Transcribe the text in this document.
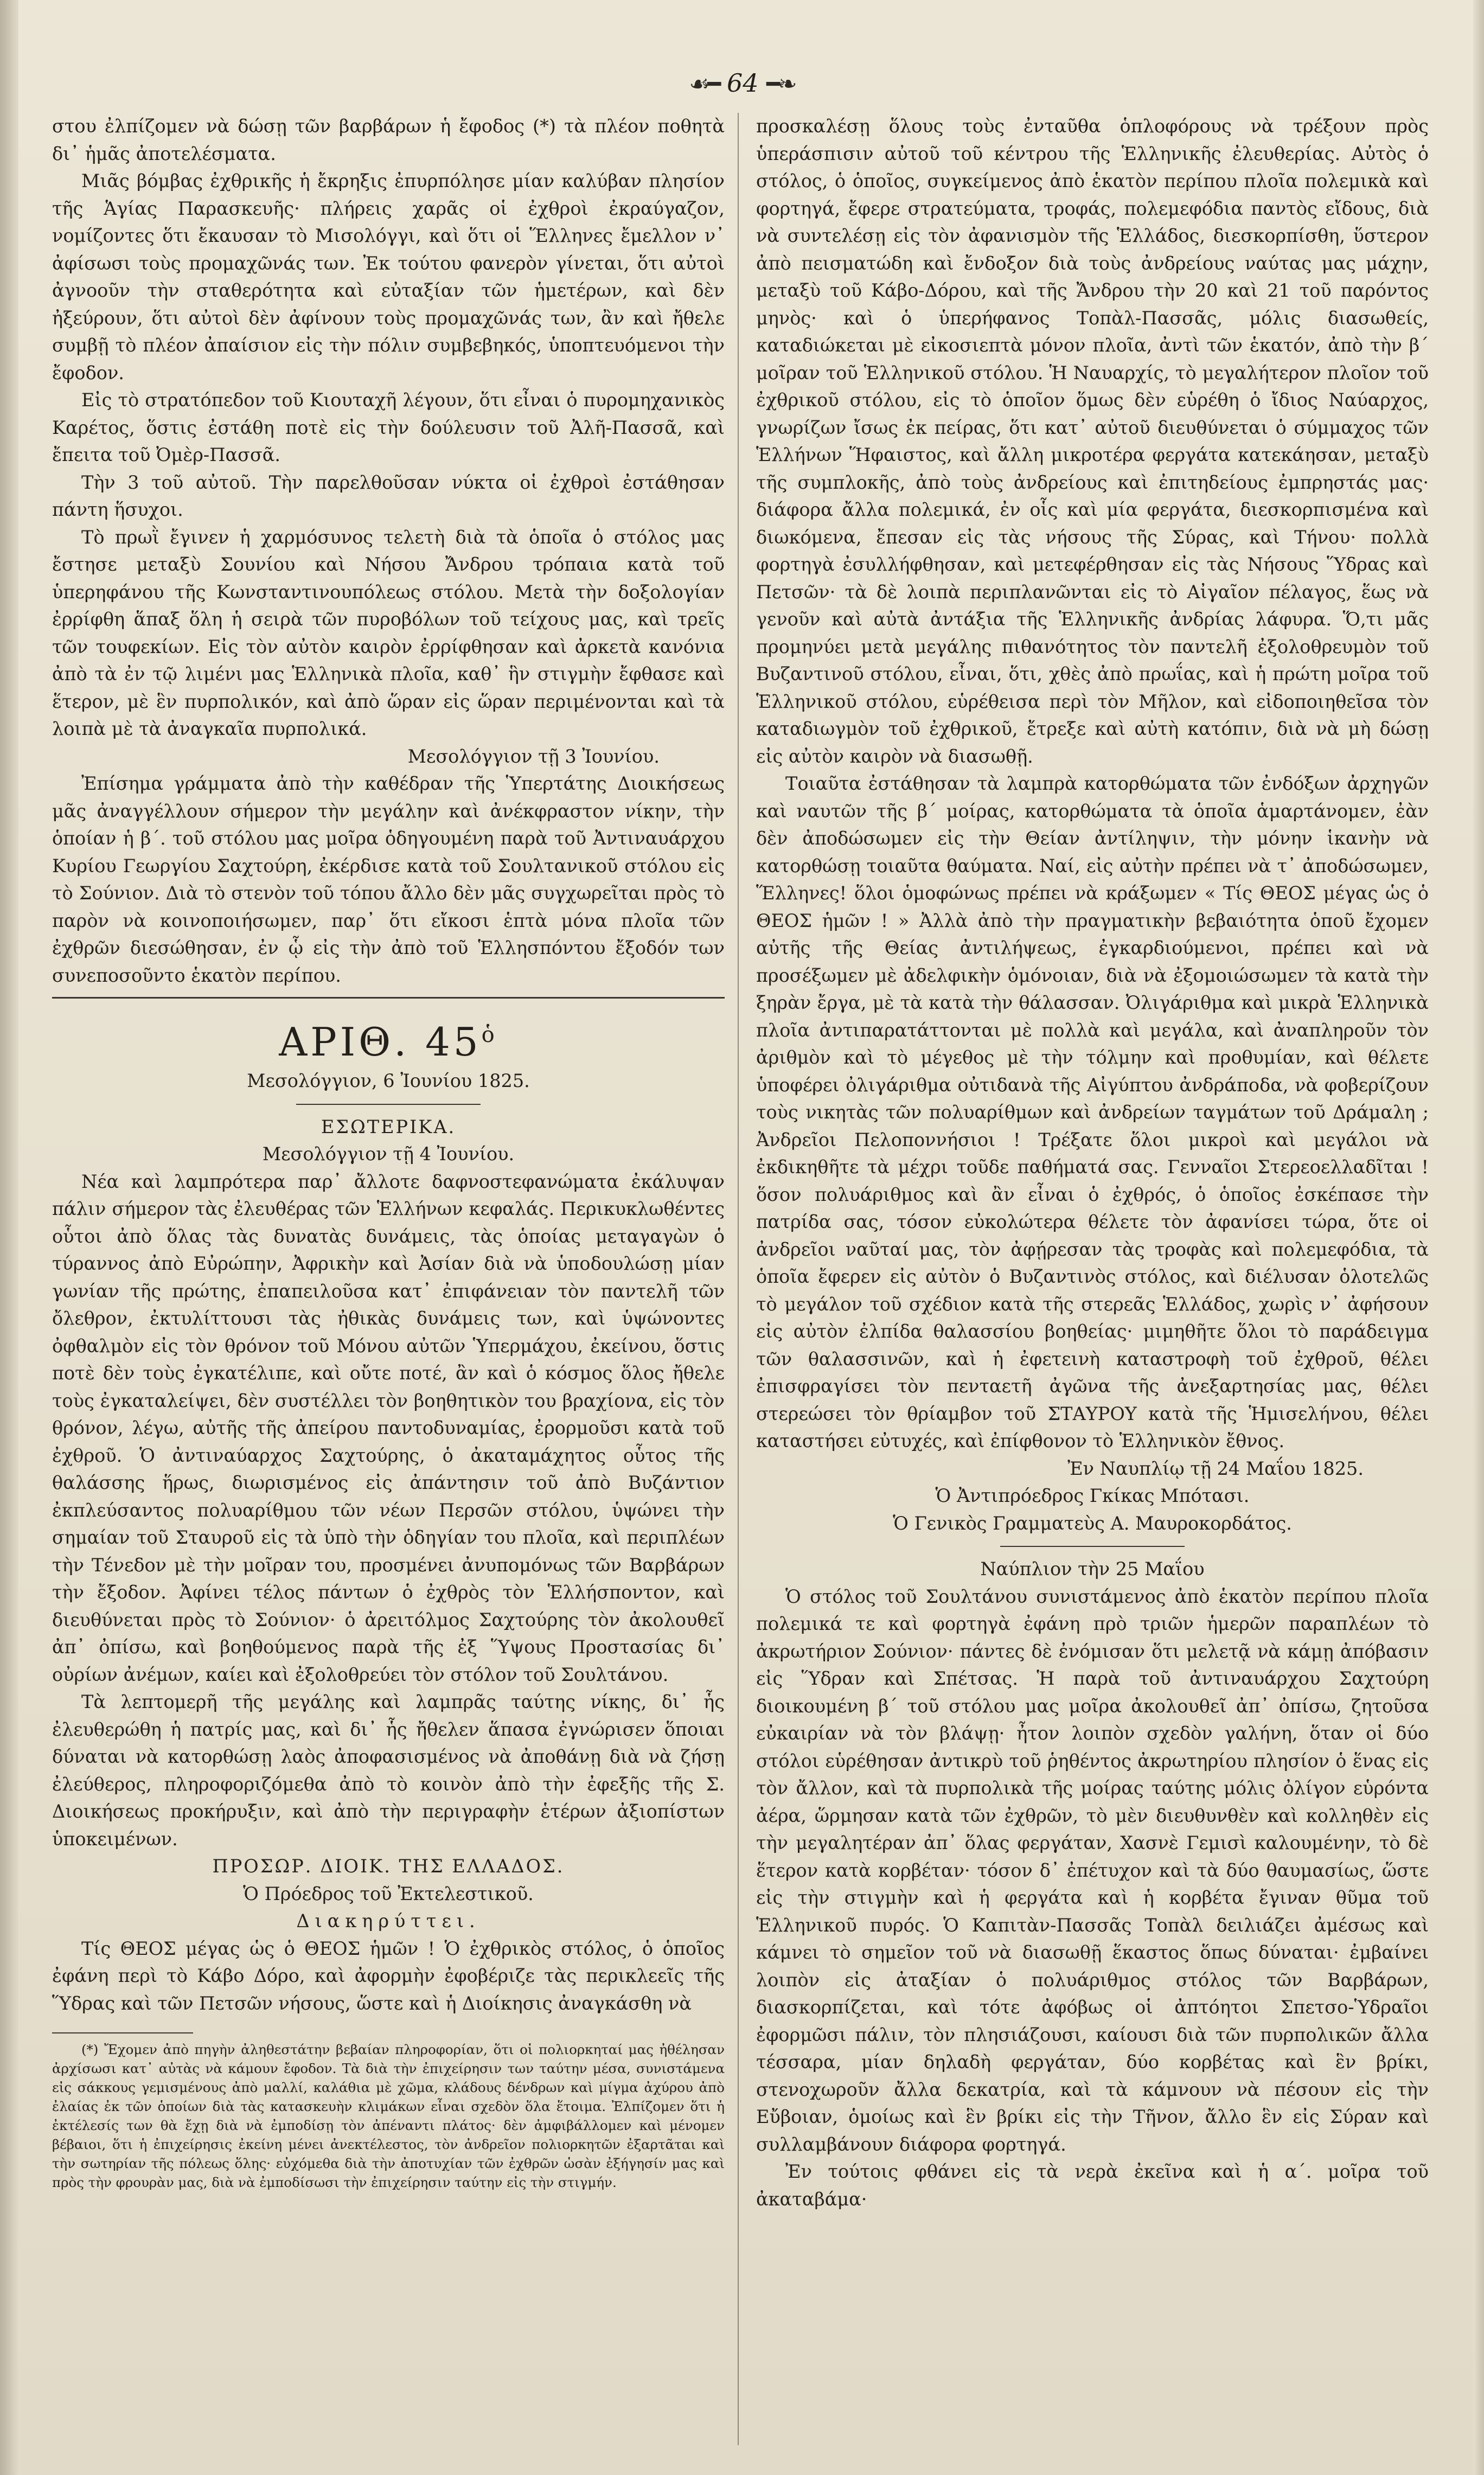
☙━ 64 ━❧

στου ἐλπίζομεν νὰ δώσῃ τῶν βαρβάρων ἡ ἔφοδος (*) τὰ πλέον ποθητὰ δι᾽ ἡμᾶς ἀποτελέσματα.

Μιᾶς βόμβας ἐχθρικῆς ἡ ἔκρηξις ἐπυρπόλησε μίαν καλύβαν πλησίον τῆς Ἁγίας Παρασκευῆς· πλήρεις χαρᾶς οἱ ἐχθροὶ ἐκραύγαζον, νομίζοντες ὅτι ἔκαυσαν τὸ Μισολόγγι, καὶ ὅτι οἱ Ἕλληνες ἔμελλον ν᾽ ἀφίσωσι τοὺς προμαχῶνάς των. Ἐκ τούτου φανερὸν γίνεται, ὅτι αὐτοὶ ἀγνοοῦν τὴν σταθερότητα καὶ εὐταξίαν τῶν ἡμετέρων, καὶ δὲν ἠξεύρουν, ὅτι αὐτοὶ δὲν ἀφίνουν τοὺς προμαχῶνάς των, ἂν καὶ ἤθελε συμβῇ τὸ πλέον ἀπαίσιον εἰς τὴν πόλιν συμβεβηκός, ὑποπτευόμενοι τὴν ἔφοδον.

Εἰς τὸ στρατόπεδον τοῦ Κιουταχῆ λέγουν, ὅτι εἶναι ὁ πυρομηχανικὸς Καρέτος, ὅστις ἐστάθη ποτὲ εἰς τὴν δούλευσιν τοῦ Ἀλῆ-Πασσᾶ, καὶ ἔπειτα τοῦ Ὀμὲρ-Πασσᾶ.

Τὴν 3 τοῦ αὐτοῦ. Τὴν παρελθοῦσαν νύκτα οἱ ἐχθροὶ ἐστάθησαν πάντη ἥσυχοι.

Τὸ πρωῒ ἔγινεν ἡ χαρμόσυνος τελετὴ διὰ τὰ ὁποῖα ὁ στόλος μας ἔστησε μεταξὺ Σουνίου καὶ Νήσου Ἄνδρου τρόπαια κατὰ τοῦ ὑπερηφάνου τῆς Κωνσταντινουπόλεως στόλου. Μετὰ τὴν δοξολογίαν ἐρρίφθη ἅπαξ ὅλη ἡ σειρὰ τῶν πυροβόλων τοῦ τείχους μας, καὶ τρεῖς τῶν τουφεκίων. Εἰς τὸν αὐτὸν καιρὸν ἐρρίφθησαν καὶ ἀρκετὰ κανόνια ἀπὸ τὰ ἐν τῷ λιμένι μας Ἑλληνικὰ πλοῖα, καθ᾽ ἣν στιγμὴν ἔφθασε καὶ ἕτερον, μὲ ἓν πυρπολικόν, καὶ ἀπὸ ὥραν εἰς ὥραν περιμένονται καὶ τὰ λοιπὰ μὲ τὰ ἀναγκαῖα πυρπολικά.

Μεσολόγγιον τῇ 3 Ἰουνίου.

Ἐπίσημα γράμματα ἀπὸ τὴν καθέδραν τῆς Ὑπερτάτης Διοικήσεως μᾶς ἀναγγέλλουν σήμερον τὴν μεγάλην καὶ ἀνέκφραστον νίκην, τὴν ὁποίαν ἡ β΄. τοῦ στόλου μας μοῖρα ὁδηγουμένη παρὰ τοῦ Ἀντιναυάρχου Κυρίου Γεωργίου Σαχτούρη, ἐκέρδισε κατὰ τοῦ Σουλτανικοῦ στόλου εἰς τὸ Σούνιον. Διὰ τὸ στενὸν τοῦ τόπου ἄλλο δὲν μᾶς συγχωρεῖται πρὸς τὸ παρὸν νὰ κοινοποιήσωμεν, παρ᾽ ὅτι εἴκοσι ἑπτὰ μόνα πλοῖα τῶν ἐχθρῶν διεσώθησαν, ἐν ᾧ εἰς τὴν ἀπὸ τοῦ Ἑλλησπόντου ἔξοδόν των συνεποσοῦντο ἑκατὸν περίπου.

ΑΡΙΘ. $45^ὁ$

Μεσολόγγιον, 6 Ἰουνίου 1825.

ΕΣΩΤΕΡΙΚΑ.

Μεσολόγγιον τῇ 4 Ἰουνίου.

Νέα καὶ λαμπρότερα παρ᾽ ἄλλοτε δαφνοστεφανώματα ἐκάλυψαν πάλιν σήμερον τὰς ἐλευθέρας τῶν Ἑλλήνων κεφαλάς. Περικυκλωθέντες οὗτοι ἀπὸ ὅλας τὰς δυνατὰς δυνάμεις, τὰς ὁποίας μεταγαγὼν ὁ τύραννος ἀπὸ Εὐρώπην, Ἀφρικὴν καὶ Ἀσίαν διὰ νὰ ὑποδουλώσῃ μίαν γωνίαν τῆς πρώτης, ἐπαπειλοῦσα κατ᾽ ἐπιφάνειαν τὸν παντελῆ τῶν ὄλεθρον, ἐκτυλίττουσι τὰς ἠθικὰς δυνάμεις των, καὶ ὑψώνοντες ὀφθαλμὸν εἰς τὸν θρόνον τοῦ Μόνου αὐτῶν Ὑπερμάχου, ἐκείνου, ὅστις ποτὲ δὲν τοὺς ἐγκατέλιπε, καὶ οὔτε ποτέ, ἂν καὶ ὁ κόσμος ὅλος ἤθελε τοὺς ἐγκαταλείψει, δὲν συστέλλει τὸν βοηθητικὸν του βραχίονα, εἰς τὸν θρόνον, λέγω, αὐτῆς τῆς ἀπείρου παντοδυναμίας, ἐρορμοῦσι κατὰ τοῦ ἐχθροῦ. Ὁ ἀντιναύαρχος Σαχτούρης, ὁ ἀκαταμάχητος οὗτος τῆς θαλάσσης ἥρως, διωρισμένος εἰς ἀπάντησιν τοῦ ἀπὸ Βυζάντιον ἐκπλεύσαντος πολυαρίθμου τῶν νέων Περσῶν στόλου, ὑψώνει τὴν σημαίαν τοῦ Σταυροῦ εἰς τὰ ὑπὸ τὴν ὁδηγίαν του πλοῖα, καὶ περιπλέων τὴν Τένεδον μὲ τὴν μοῖραν του, προσμένει ἀνυπομόνως τῶν Βαρβάρων τὴν ἔξοδον. Ἀφίνει τέλος πάντων ὁ ἐχθρὸς τὸν Ἑλλήσποντον, καὶ διευθύνεται πρὸς τὸ Σούνιον· ὁ ἀρειτόλμος Σαχτούρης τὸν ἀκολουθεῖ ἀπ᾽ ὀπίσω, καὶ βοηθούμενος παρὰ τῆς ἐξ Ὕψους Προστασίας δι᾽ οὐρίων ἀνέμων, καίει καὶ ἐξολοθρεύει τὸν στόλον τοῦ Σουλτάνου.

Τὰ λεπτομερῆ τῆς μεγάλης καὶ λαμπρᾶς ταύτης νίκης, δι᾽ ἧς ἐλευθερώθη ἡ πατρίς μας, καὶ δι᾽ ἧς ἤθελεν ἅπασα ἐγνώρισεν ὅποιαι δύναται νὰ κατορθώσῃ λαὸς ἀποφασισμένος νὰ ἀποθάνῃ διὰ νὰ ζήσῃ ἐλεύθερος, πληροφοριζόμεθα ἀπὸ τὸ κοινὸν ἀπὸ τὴν ἐφεξῆς τῆς Σ. Διοικήσεως προκήρυξιν, καὶ ἀπὸ τὴν περιγραφὴν ἑτέρων ἀξιοπίστων ὑποκειμένων.

ΠΡΟΣΩΡ. ΔΙΟΙΚ. ΤΗΣ ΕΛΛΑΔΟΣ.

Ὁ Πρόεδρος τοῦ Ἐκτελεστικοῦ.

Διακηρύττει.

Τίς ΘΕΟΣ μέγας ὡς ὁ ΘΕΟΣ ἡμῶν ! Ὁ ἐχθρικὸς στόλος, ὁ ὁποῖος ἐφάνη περὶ τὸ Κάβο Δόρο, καὶ ἀφορμὴν ἐφοβέριζε τὰς περικλεεῖς τῆς Ὕδρας καὶ τῶν Πετσῶν νήσους, ὥστε καὶ ἡ Διοίκησις ἀναγκάσθη νὰ

(*) Ἔχομεν ἀπὸ πηγὴν ἀληθεστάτην βεβαίαν πληροφορίαν, ὅτι οἱ πολιορκηταί μας ἠθέλησαν ἀρχίσωσι κατ᾽ αὐτὰς νὰ κάμουν ἔφοδον. Τὰ διὰ τὴν ἐπιχείρησιν των ταύτην μέσα, συνιστάμενα εἰς σάκκους γεμισμένους ἀπὸ μαλλί, καλάθια μὲ χῶμα, κλάδους δένδρων καὶ μίγμα ἀχύρου ἀπὸ ἐλαίας ἐκ τῶν ὁποίων διὰ τὰς κατασκευὴν κλιμάκων εἶναι σχεδὸν ὅλα ἕτοιμα. Ἐλπίζομεν ὅτι ἡ ἐκτέλεσίς των θὰ ἔχῃ διὰ νὰ ἐμποδίσῃ τὸν ἀπέναντι πλάτος· δὲν ἀμφιβάλλομεν καὶ μένομεν βέβαιοι, ὅτι ἡ ἐπιχείρησις ἐκείνη μένει ἀνεκτέλεστος, τὸν ἀνδρεῖον πολιορκητῶν ἐξαρτᾶται καὶ τὴν σωτηρίαν τῆς πόλεως ὅλης· εὐχόμεθα διὰ τὴν ἀποτυχίαν τῶν ἐχθρῶν ὡσὰν ἐξήγησίν μας καὶ πρὸς τὴν φρουρὰν μας, διὰ νὰ ἐμποδίσωσι τὴν ἐπιχείρησιν ταύτην εἰς τὴν στιγμήν.

προσκαλέσῃ ὅλους τοὺς ἐνταῦθα ὁπλοφόρους νὰ τρέξουν πρὸς ὑπεράσπισιν αὐτοῦ τοῦ κέντρου τῆς Ἑλληνικῆς ἐλευθερίας. Αὐτὸς ὁ στόλος, ὁ ὁποῖος, συγκείμενος ἀπὸ ἑκατὸν περίπου πλοῖα πολεμικὰ καὶ φορτηγά, ἔφερε στρατεύματα, τροφάς, πολεμεφόδια παντὸς εἴδους, διὰ νὰ συντελέσῃ εἰς τὸν ἀφανισμὸν τῆς Ἑλλάδος, διεσκορπίσθη, ὕστερον ἀπὸ πεισματώδη καὶ ἔνδοξον διὰ τοὺς ἀνδρείους ναύτας μας μάχην, μεταξὺ τοῦ Κάβο-Δόρου, καὶ τῆς Ἄνδρου τὴν 20 καὶ 21 τοῦ παρόντος μηνὸς· καὶ ὁ ὑπερήφανος Τοπὰλ-Πασσᾶς, μόλις διασωθείς, καταδιώκεται μὲ εἰκοσιεπτὰ μόνον πλοῖα, ἀντὶ τῶν ἑκατόν, ἀπὸ τὴν β΄ μοῖραν τοῦ Ἑλληνικοῦ στόλου. Ἡ Ναυαρχίς, τὸ μεγαλήτερον πλοῖον τοῦ ἐχθρικοῦ στόλου, εἰς τὸ ὁποῖον ὅμως δὲν εὑρέθη ὁ ἴδιος Ναύαρχος, γνωρίζων ἴσως ἐκ πείρας, ὅτι κατ᾽ αὐτοῦ διευθύνεται ὁ σύμμαχος τῶν Ἑλλήνων Ἥφαιστος, καὶ ἄλλη μικροτέρα φεργάτα κατεκάησαν, μεταξὺ τῆς συμπλοκῆς, ἀπὸ τοὺς ἀνδρείους καὶ ἐπιτηδείους ἐμπρηστάς μας· διάφορα ἄλλα πολεμικά, ἐν οἷς καὶ μία φεργάτα, διεσκορπισμένα καὶ διωκόμενα, ἔπεσαν εἰς τὰς νήσους τῆς Σύρας, καὶ Τήνου· πολλὰ φορτηγὰ ἐσυλλήφθησαν, καὶ μετεφέρθησαν εἰς τὰς Νήσους Ὕδρας καὶ Πετσῶν· τὰ δὲ λοιπὰ περιπλανῶνται εἰς τὸ Αἰγαῖον πέλαγος, ἕως νὰ γενοῦν καὶ αὐτὰ ἀντάξια τῆς Ἑλληνικῆς ἀνδρίας λάφυρα. Ὅ,τι μᾶς προμηνύει μετὰ μεγάλης πιθανότητος τὸν παντελῆ ἐξολοθρευμὸν τοῦ Βυζαντινοῦ στόλου, εἶναι, ὅτι, χθὲς ἀπὸ πρωΐας, καὶ ἡ πρώτη μοῖρα τοῦ Ἑλληνικοῦ στόλου, εὑρέθεισα περὶ τὸν Μῆλον, καὶ εἰδοποιηθεῖσα τὸν καταδιωγμὸν τοῦ ἐχθρικοῦ, ἔτρεξε καὶ αὐτὴ κατόπιν, διὰ νὰ μὴ δώσῃ εἰς αὐτὸν καιρὸν νὰ διασωθῇ.

Τοιαῦτα ἐστάθησαν τὰ λαμπρὰ κατορθώματα τῶν ἐνδόξων ἀρχηγῶν καὶ ναυτῶν τῆς β΄ μοίρας, κατορθώματα τὰ ὁποῖα ἁμαρτάνομεν, ἐὰν δὲν ἀποδώσωμεν εἰς τὴν Θείαν ἀντίληψιν, τὴν μόνην ἱκανὴν νὰ κατορθώσῃ τοιαῦτα θαύματα. Ναί, εἰς αὐτὴν πρέπει νὰ τ᾽ ἀποδώσωμεν, Ἕλληνες! ὅλοι ὁμοφώνως πρέπει νὰ κράξωμεν « Τίς ΘΕΟΣ μέγας ὡς ὁ ΘΕΟΣ ἡμῶν ! » Ἀλλὰ ἀπὸ τὴν πραγματικὴν βεβαιότητα ὁποῦ ἔχομεν αὐτῆς τῆς Θείας ἀντιλήψεως, ἐγκαρδιούμενοι, πρέπει καὶ νὰ προσέξωμεν μὲ ἀδελφικὴν ὁμόνοιαν, διὰ νὰ ἐξομοιώσωμεν τὰ κατὰ τὴν ξηρὰν ἔργα, μὲ τὰ κατὰ τὴν θάλασσαν. Ὀλιγάριθμα καὶ μικρὰ Ἑλληνικὰ πλοῖα ἀντιπαρατάττονται μὲ πολλὰ καὶ μεγάλα, καὶ ἀναπληροῦν τὸν ἀριθμὸν καὶ τὸ μέγεθος μὲ τὴν τόλμην καὶ προθυμίαν, καὶ θέλετε ὑποφέρει ὀλιγάριθμα οὐτιδανὰ τῆς Αἰγύπτου ἀνδράποδα, νὰ φοβερίζουν τοὺς νικητὰς τῶν πολυαρίθμων καὶ ἀνδρείων ταγμάτων τοῦ Δράμαλη ; Ἀνδρεῖοι Πελοποννήσιοι ! Τρέξατε ὅλοι μικροὶ καὶ μεγάλοι νὰ ἐκδικηθῆτε τὰ μέχρι τοῦδε παθήματά σας. Γενναῖοι Στερεοελλαδῖται ! ὅσον πολυάριθμος καὶ ἂν εἶναι ὁ ἐχθρός, ὁ ὁποῖος ἐσκέπασε τὴν πατρίδα σας, τόσον εὐκολώτερα θέλετε τὸν ἀφανίσει τώρα, ὅτε οἱ ἀνδρεῖοι ναῦταί μας, τὸν ἀφῄρεσαν τὰς τροφὰς καὶ πολεμεφόδια, τὰ ὁποῖα ἔφερεν εἰς αὐτὸν ὁ Βυζαντινὸς στόλος, καὶ διέλυσαν ὁλοτελῶς τὸ μεγάλον τοῦ σχέδιον κατὰ τῆς στερεᾶς Ἑλλάδος, χωρὶς ν᾽ ἀφήσουν εἰς αὐτὸν ἐλπίδα θαλασσίου βοηθείας· μιμηθῆτε ὅλοι τὸ παράδειγμα τῶν θαλασσινῶν, καὶ ἡ ἐφετεινὴ καταστροφὴ τοῦ ἐχθροῦ, θέλει ἐπισφραγίσει τὸν πενταετῆ ἀγῶνα τῆς ἀνεξαρτησίας μας, θέλει στερεώσει τὸν θρίαμβον τοῦ ΣΤΑΥΡΟΥ κατὰ τῆς Ἡμισελήνου, θέλει καταστήσει εὐτυχές, καὶ ἐπίφθονον τὸ Ἑλληνικὸν ἔθνος.

Ἐν Ναυπλίῳ τῇ 24 Μαΐου 1825.

Ὁ Ἀντιπρόεδρος Γκίκας Μπότασι.

Ὁ Γενικὸς Γραμματεὺς Α. Μαυροκορδάτος.

Ναύπλιον τὴν 25 Μαΐου

Ὁ στόλος τοῦ Σουλτάνου συνιστάμενος ἀπὸ ἑκατὸν περίπου πλοῖα πολεμικά τε καὶ φορτηγὰ ἐφάνη πρὸ τριῶν ἡμερῶν παραπλέων τὸ ἀκρωτήριον Σούνιον· πάντες δὲ ἐνόμισαν ὅτι μελετᾷ νὰ κάμῃ ἀπόβασιν εἰς Ὕδραν καὶ Σπέτσας. Ἡ παρὰ τοῦ ἀντιναυάρχου Σαχτούρη διοικουμένη β΄ τοῦ στόλου μας μοῖρα ἀκολουθεῖ ἀπ᾽ ὀπίσω, ζητοῦσα εὐκαιρίαν νὰ τὸν βλάψῃ· ἦτον λοιπὸν σχεδὸν γαλήνη, ὅταν οἱ δύο στόλοι εὑρέθησαν ἀντικρὺ τοῦ ῥηθέντος ἀκρωτηρίου πλησίον ὁ ἕνας εἰς τὸν ἄλλον, καὶ τὰ πυρπολικὰ τῆς μοίρας ταύτης μόλις ὀλίγον εὑρόντα ἀέρα, ὥρμησαν κατὰ τῶν ἐχθρῶν, τὸ μὲν διευθυνθὲν καὶ κολληθὲν εἰς τὴν μεγαλητέραν ἀπ᾽ ὅλας φεργάταν, Χασνὲ Γεμισὶ καλουμένην, τὸ δὲ ἕτερον κατὰ κορβέταν· τόσον δ᾽ ἐπέτυχον καὶ τὰ δύο θαυμασίως, ὥστε εἰς τὴν στιγμὴν καὶ ἡ φεργάτα καὶ ἡ κορβέτα ἔγιναν θῦμα τοῦ Ἑλληνικοῦ πυρός. Ὁ Καπιτὰν-Πασσᾶς Τοπὰλ δειλιάζει ἀμέσως καὶ κάμνει τὸ σημεῖον τοῦ νὰ διασωθῇ ἕκαστος ὅπως δύναται· ἐμβαίνει λοιπὸν εἰς ἀταξίαν ὁ πολυάριθμος στόλος τῶν Βαρβάρων, διασκορπίζεται, καὶ τότε ἀφόβως οἱ ἀπτόητοι Σπετσο-Ὑδραῖοι ἐφορμῶσι πάλιν, τὸν πλησιάζουσι, καίουσι διὰ τῶν πυρπολικῶν ἄλλα τέσσαρα, μίαν δηλαδὴ φεργάταν, δύο κορβέτας καὶ ἓν βρίκι, στενοχωροῦν ἄλλα δεκατρία, καὶ τὰ κάμνουν νὰ πέσουν εἰς τὴν Εὔβοιαν, ὁμοίως καὶ ἓν βρίκι εἰς τὴν Τῆνον, ἄλλο ἓν εἰς Σύραν καὶ συλλαμβάνουν διάφορα φορτηγά.

Ἐν τούτοις φθάνει εἰς τὰ νερὰ ἐκεῖνα καὶ ἡ α΄. μοῖρα τοῦ ἀκαταβάμα·
